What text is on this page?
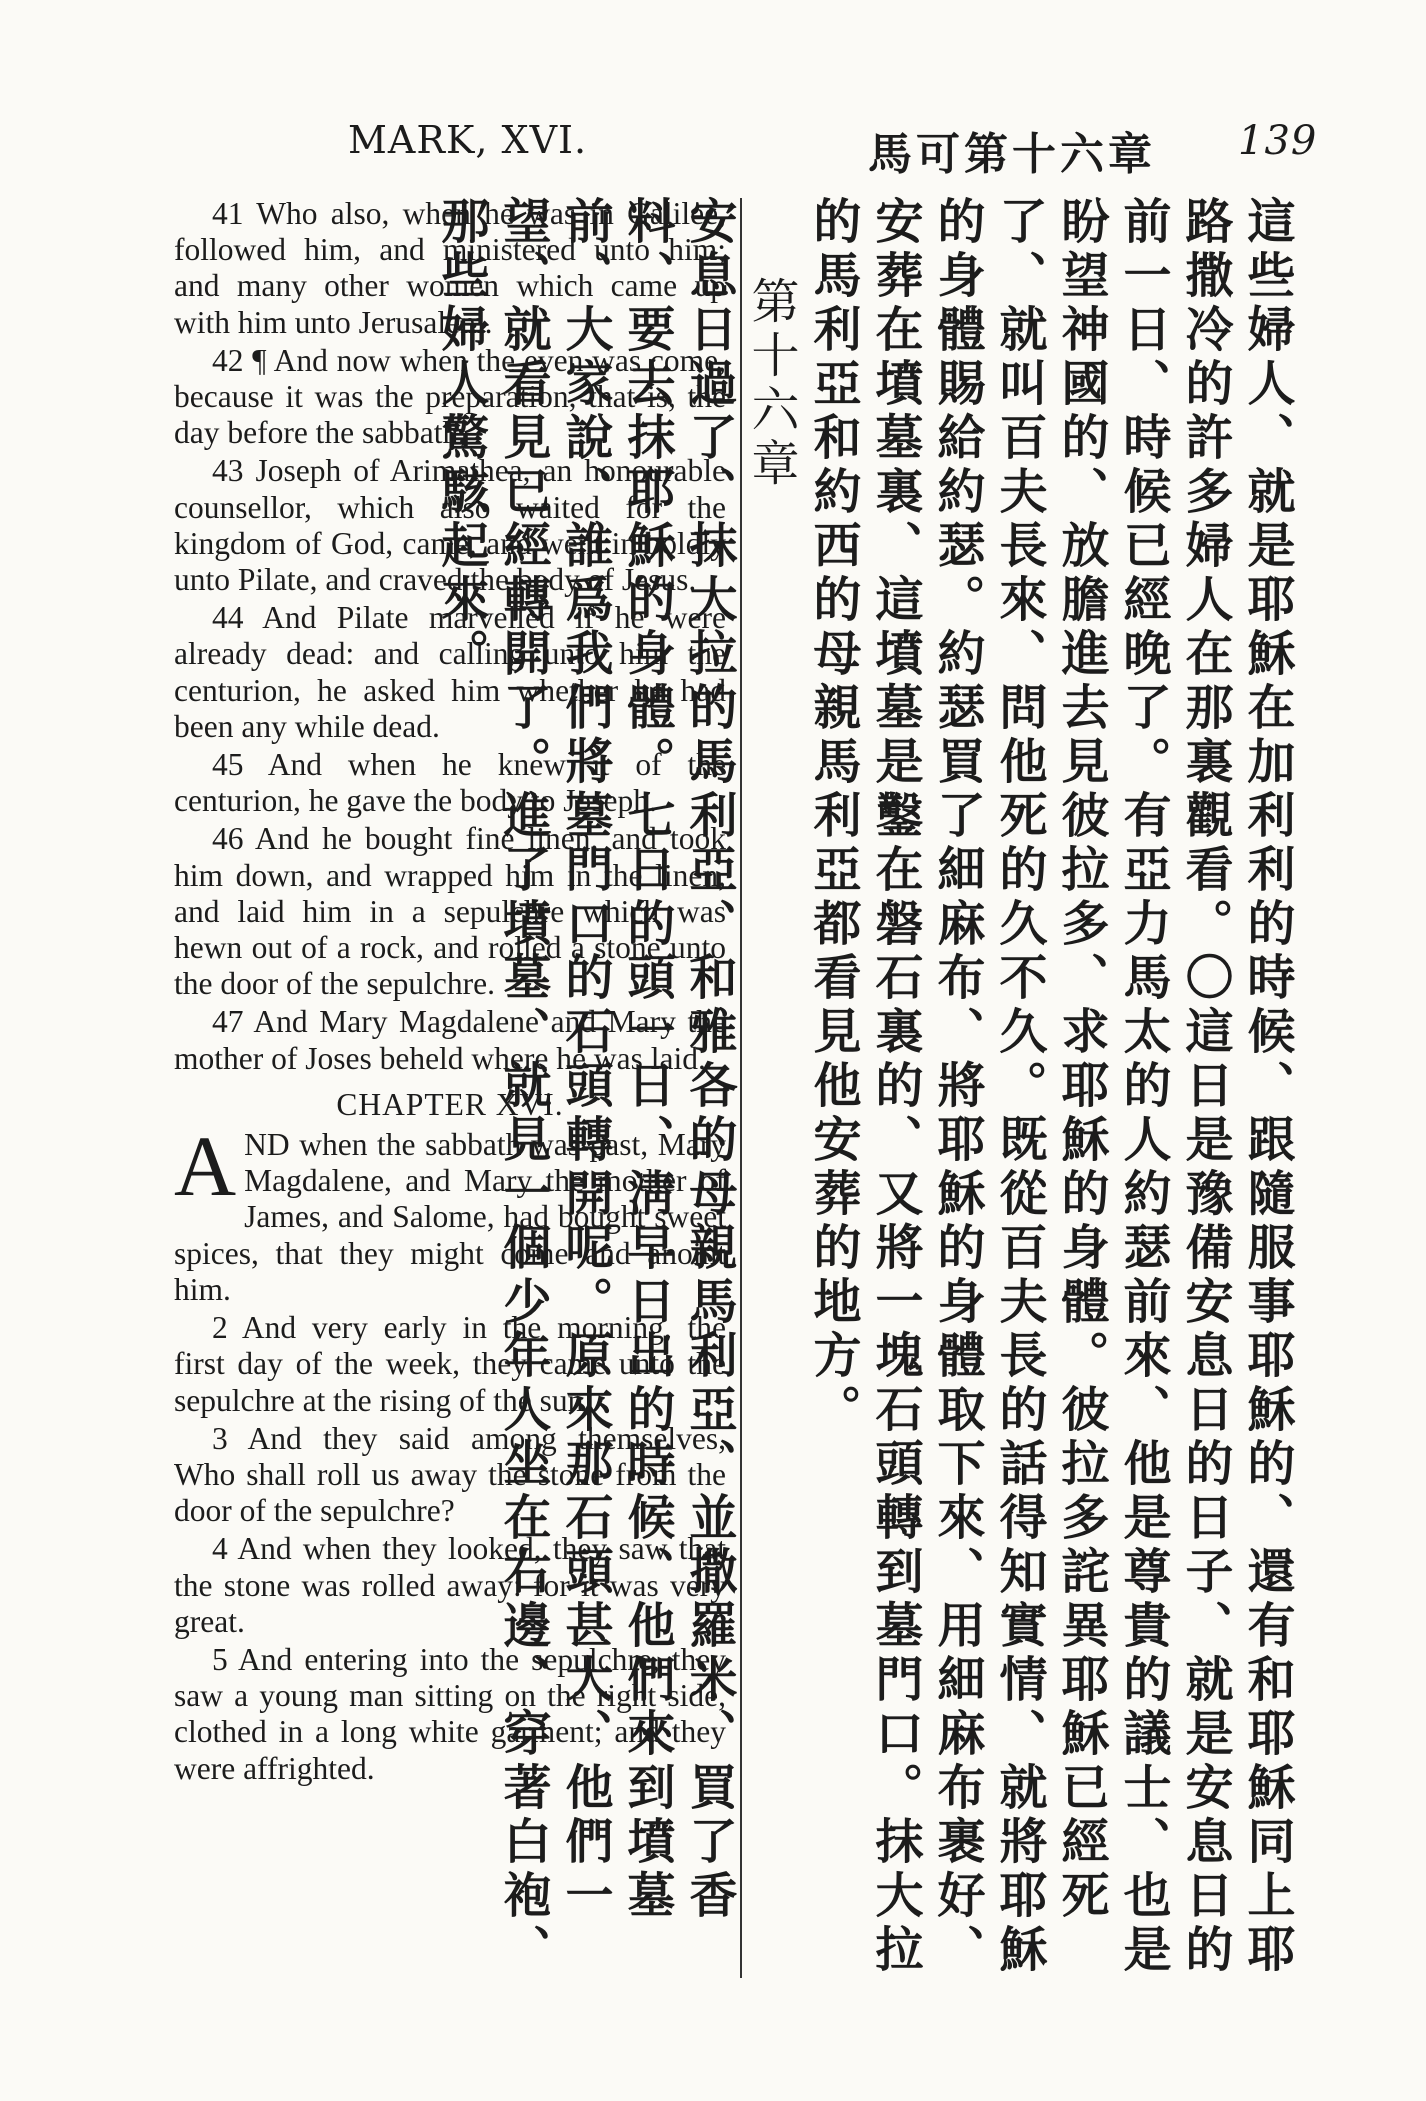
MARK, XVI.	馬可第十六章 139

41 Who also, when he was in Galilee, followed him, and ministered unto him; and many other women which came up with him unto Jerusalem.

42 ¶ And now when the even was come, because it was the preparation, that is, the day before the sabbath,

43 Joseph of Arimathea, an honourable counsellor, which also waited for the kingdom of God, came, and went in boldly unto Pilate, and craved the body of Jesus.

44 And Pilate marvelled if he were already dead: and calling unto him the centurion, he asked him whether he had been any while dead.

45 And when he knew it of the centurion, he gave the body to Joseph.

46 And he bought fine linen, and took him down, and wrapped him in the linen, and laid him in a sepulchre which was hewn out of a rock, and rolled a stone unto the door of the sepulchre.

47 And Mary Magdalene and Mary the mother of Joses beheld where he was laid.

CHAPTER XVI.

AND when the sabbath was past, Mary Magdalene, and Mary the mother of James, and Salome, had bought sweet spices, that they might come and anoint him.

2 And very early in the morning, the first day of the week, they came unto the sepulchre at the rising of the sun.

3 And they said among themselves, Who shall roll us away the stone from the door of the sepulchre?

4 And when they looked, they saw that the stone was rolled away: for it was very great.

5 And entering into the sepulchre, they saw a young man sitting on the right side, clothed in a long white garment; and they were affrighted.	這些婦人、就是耶穌在加利利的時候、跟隨服事耶穌的、還有和耶穌同上耶路撒冷的許多婦人在那裏觀看。〇這日是豫備安息日的日子、就是安息日的前一日、時候已經晚了。有亞力馬太的人約瑟前來、他是尊貴的議士、也是盼望神國的、放膽進去見彼拉多、求耶穌的身體。彼拉多詫異耶穌已經死了、就叫百夫長來、問他死的久不久。既從百夫長的話得知實情、就將耶穌的身體賜給約瑟。約瑟買了細麻布、將耶穌的身體取下來、用細麻布裹好、安葬在墳墓裏、這墳墓是鑿在磐石裏的、又將一塊石頭轉到墓門口。抹大拉的馬利亞和約西的母親馬利亞都看見他安葬的地方。

第十六章

安息日過了、抹大拉的馬利亞、和雅各的母親馬利亞、並撒羅米、買了香料、要去抹耶穌的身體。七日的頭一日、淸早日出的時候、他們來到墳墓前、大家說、誰爲我們將墓門口的石頭轉開呢。原來那石頭甚大、他們一望、就看見已經轉開了。進了墳墓、就見一個少年人坐在右邊、穿著白袍、那些婦人驚駭起來。
